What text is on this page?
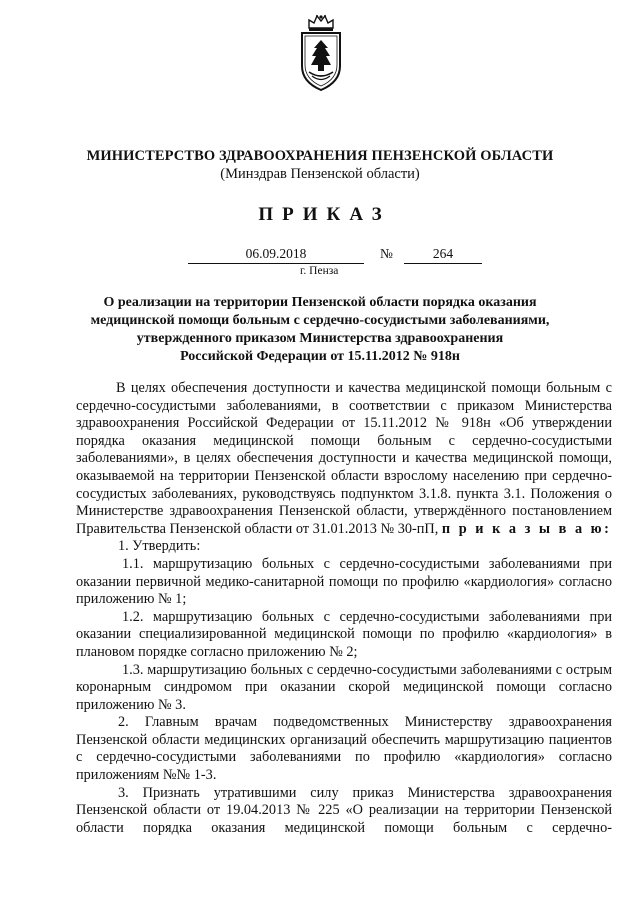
МИНИСТЕРСТВО ЗДРАВООХРАНЕНИЯ ПЕНЗЕНСКОЙ ОБЛАСТИ
(Минздрав Пензенской области)
ПРИКАЗ
06.09.2018	№	264
г. Пенза
О реализации на территории Пензенской области порядка оказания
медицинской помощи больным с сердечно-сосудистыми заболеваниями,
утвержденного приказом Министерства здравоохранения
Российской Федерации от 15.11.2012 № 918н

В целях обеспечения доступности и качества медицинской помощи больным с сердечно-сосудистыми заболеваниями, в соответствии с приказом Министерства здравоохранения Российской Федерации от 15.11.2012 № 918н «Об утверждении порядка оказания медицинской помощи больным с сердечно-сосудистыми заболеваниями», в целях обеспечения доступности и качества медицинской помощи, оказываемой на территории Пензенской области взрослому населению при сердечно-сосудистых заболеваниях, руководствуясь подпунктом 3.1.8. пункта 3.1. Положения о Министерстве здравоохранения Пензенской области, утверждённого постановлением Правительства Пензенской области от 31.01.2013 № 30-пП, п р и к а з ы в а ю:

1. Утвердить:

1.1. маршрутизацию больных с сердечно-сосудистыми заболеваниями при оказании первичной медико-санитарной помощи по профилю «кардиология» согласно приложению № 1;

1.2. маршрутизацию больных с сердечно-сосудистыми заболеваниями при оказании специализированной медицинской помощи по профилю «кардиология» в плановом порядке согласно приложению № 2;

1.3. маршрутизацию больных с сердечно-сосудистыми заболеваниями с острым коронарным синдромом при оказании скорой медицинской помощи согласно приложению № 3.

2. Главным врачам подведомственных Министерству здравоохранения Пензенской области медицинских организаций обеспечить маршрутизацию пациентов с сердечно-сосудистыми заболеваниями по профилю «кардиология» согласно приложениям №№ 1-3.

3. Признать утратившими силу приказ Министерства здравоохранения Пензенской области от 19.04.2013 № 225 «О реализации на территории Пензенской области порядка оказания медицинской помощи больным с сердечно-
